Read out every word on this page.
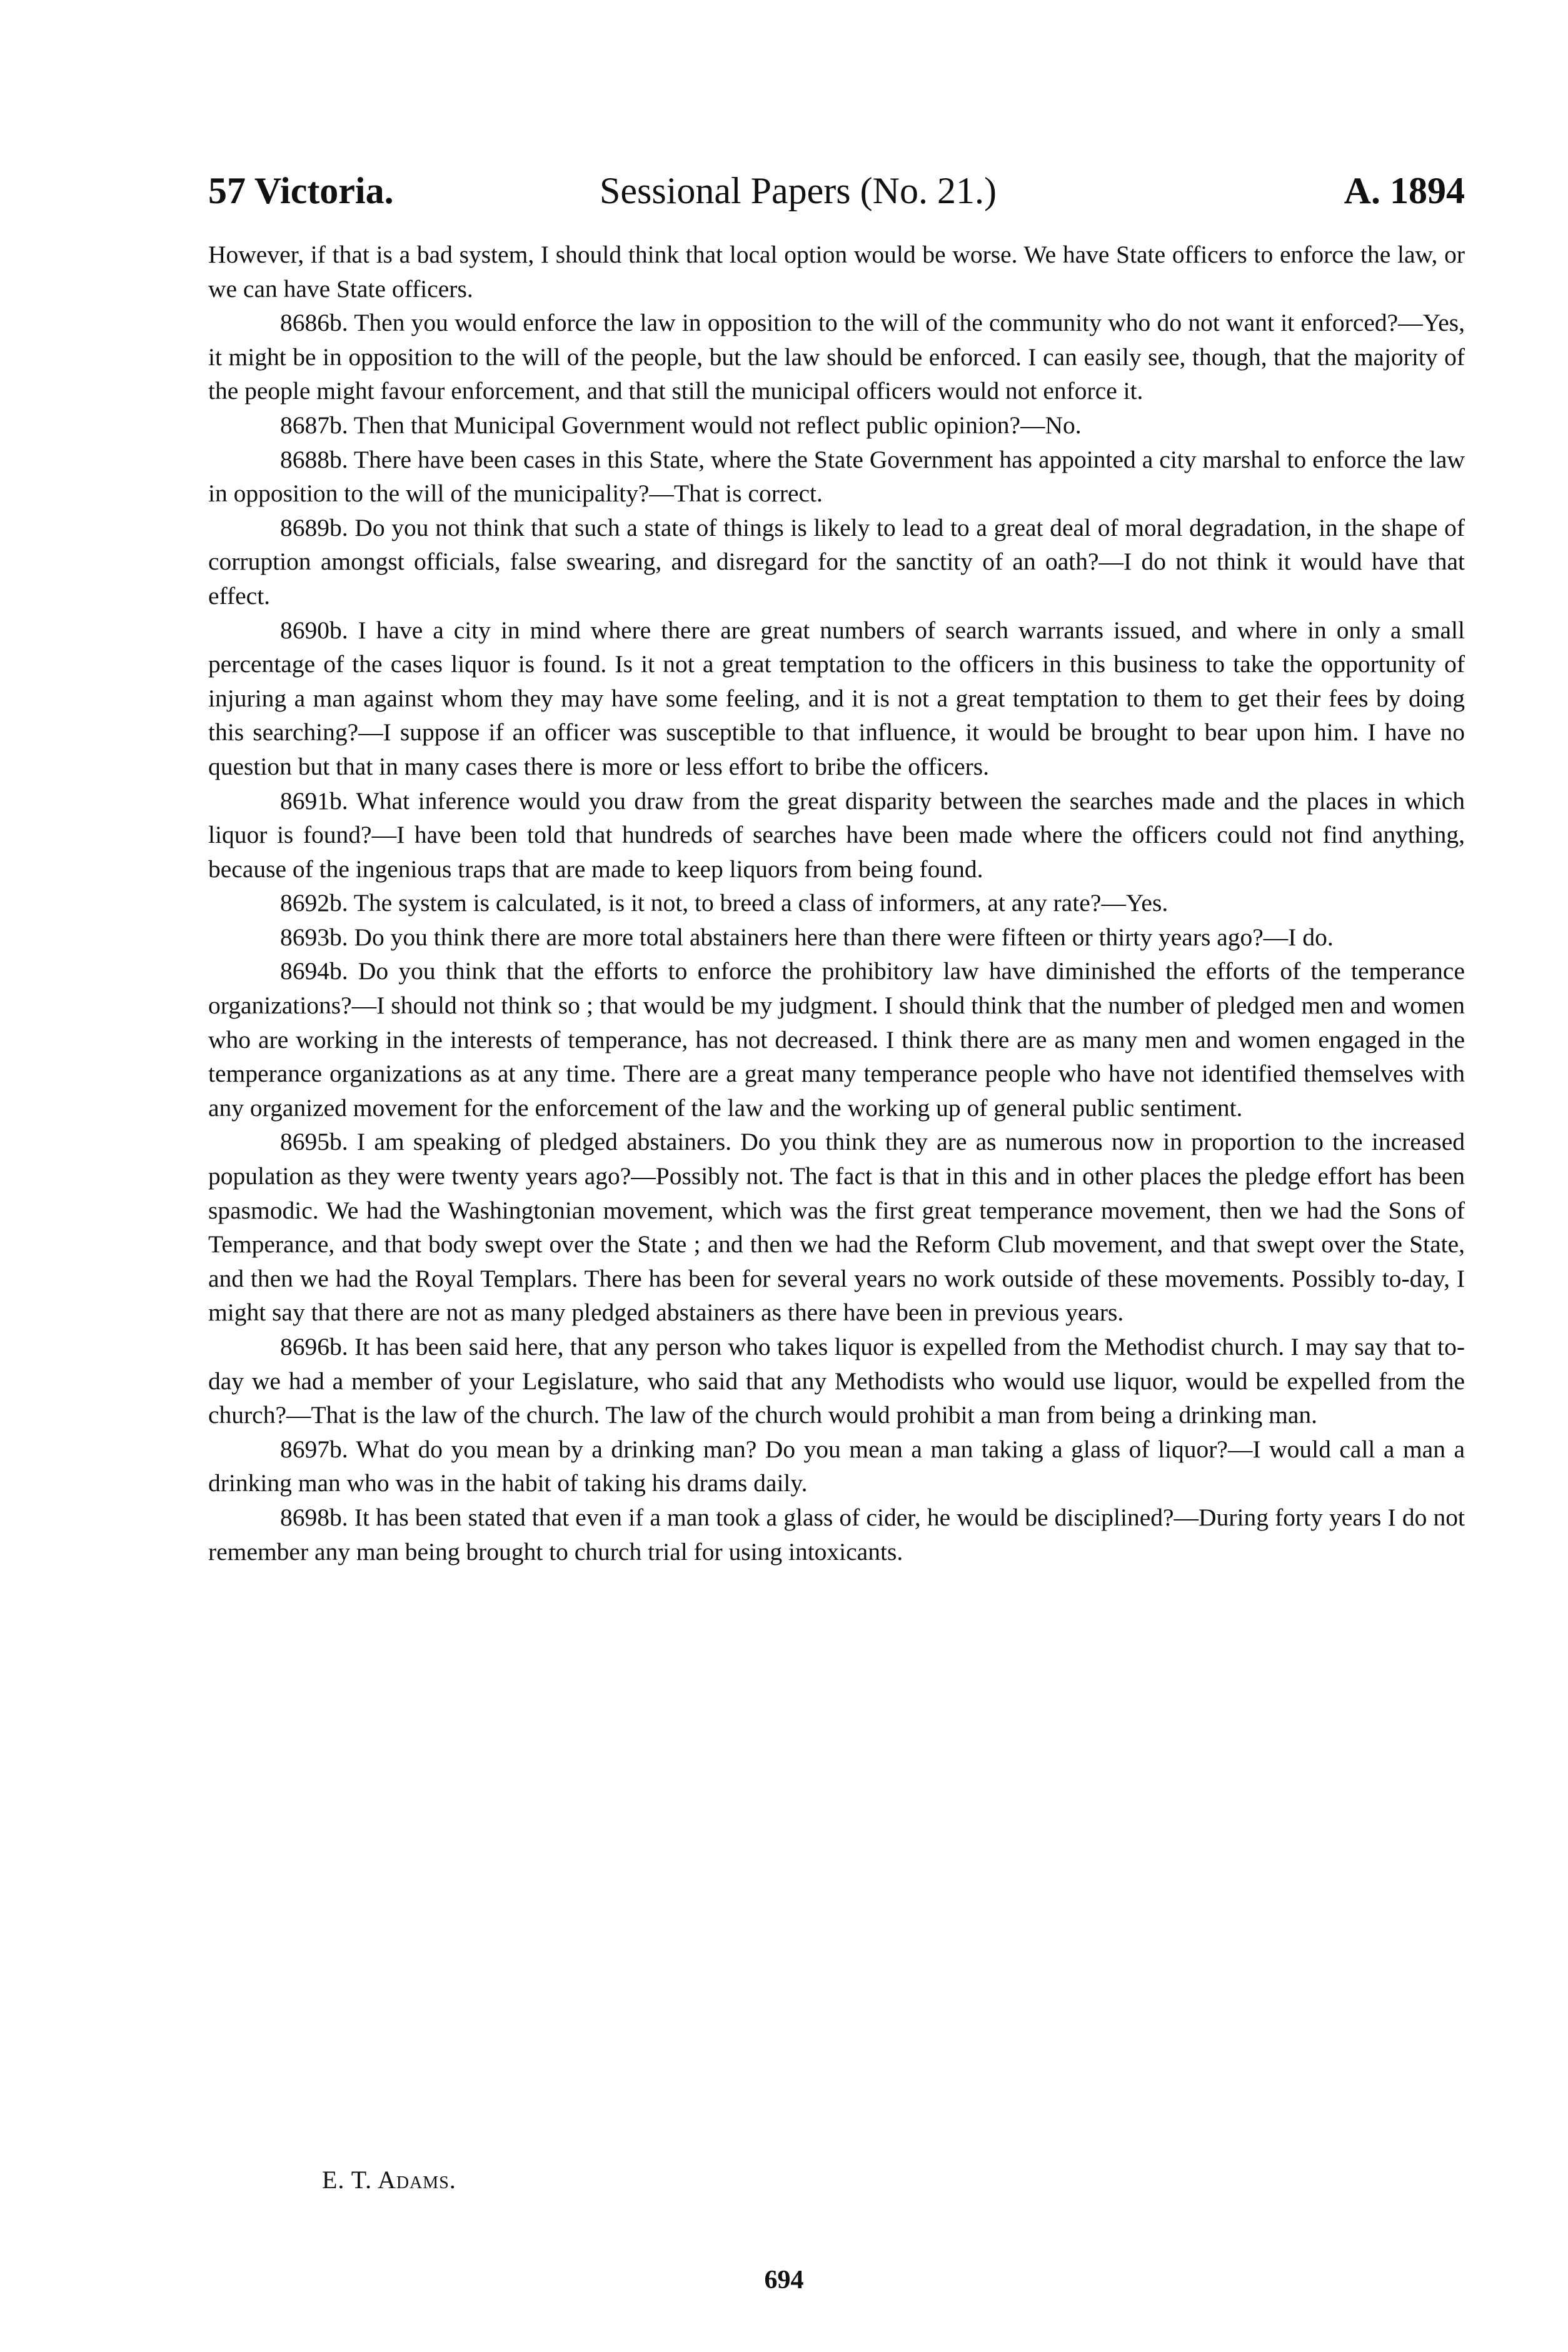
57 Victoria.	Sessional Papers (No. 21.)	A. 1894

However, if that is a bad system, I should think that local option would be worse. We have State officers to enforce the law, or we can have State officers.

8686b. Then you would enforce the law in opposition to the will of the community who do not want it enforced?—Yes, it might be in opposition to the will of the people, but the law should be enforced. I can easily see, though, that the majority of the people might favour enforcement, and that still the municipal officers would not enforce it.

8687b. Then that Municipal Government would not reflect public opinion?—No.

8688b. There have been cases in this State, where the State Government has appointed a city marshal to enforce the law in opposition to the will of the municipality?—That is correct.

8689b. Do you not think that such a state of things is likely to lead to a great deal of moral degradation, in the shape of corruption amongst officials, false swearing, and disregard for the sanctity of an oath?—I do not think it would have that effect.

8690b. I have a city in mind where there are great numbers of search warrants issued, and where in only a small percentage of the cases liquor is found. Is it not a great temptation to the officers in this business to take the opportunity of injuring a man against whom they may have some feeling, and it is not a great temptation to them to get their fees by doing this searching?—I suppose if an officer was susceptible to that influence, it would be brought to bear upon him. I have no question but that in many cases there is more or less effort to bribe the officers.

8691b. What inference would you draw from the great disparity between the searches made and the places in which liquor is found?—I have been told that hundreds of searches have been made where the officers could not find anything, because of the ingenious traps that are made to keep liquors from being found.

8692b. The system is calculated, is it not, to breed a class of informers, at any rate?—Yes.

8693b. Do you think there are more total abstainers here than there were fifteen or thirty years ago?—I do.

8694b. Do you think that the efforts to enforce the prohibitory law have diminished the efforts of the temperance organizations?—I should not think so ; that would be my judgment. I should think that the number of pledged men and women who are working in the interests of temperance, has not decreased. I think there are as many men and women engaged in the temperance organizations as at any time. There are a great many temperance people who have not identified themselves with any organized movement for the enforcement of the law and the working up of general public sentiment.

8695b. I am speaking of pledged abstainers. Do you think they are as numerous now in proportion to the increased population as they were twenty years ago?—Possibly not. The fact is that in this and in other places the pledge effort has been spasmodic. We had the Washingtonian movement, which was the first great temperance movement, then we had the Sons of Temperance, and that body swept over the State ; and then we had the Reform Club movement, and that swept over the State, and then we had the Royal Templars. There has been for several years no work outside of these movements. Possibly to-day, I might say that there are not as many pledged abstainers as there have been in previous years.

8696b. It has been said here, that any person who takes liquor is expelled from the Methodist church. I may say that to-day we had a member of your Legislature, who said that any Methodists who would use liquor, would be expelled from the church?—That is the law of the church. The law of the church would prohibit a man from being a drinking man.

8697b. What do you mean by a drinking man? Do you mean a man taking a glass of liquor?—I would call a man a drinking man who was in the habit of taking his drams daily.

8698b. It has been stated that even if a man took a glass of cider, he would be disciplined?—During forty years I do not remember any man being brought to church trial for using intoxicants.

E. T. Adams.
694
